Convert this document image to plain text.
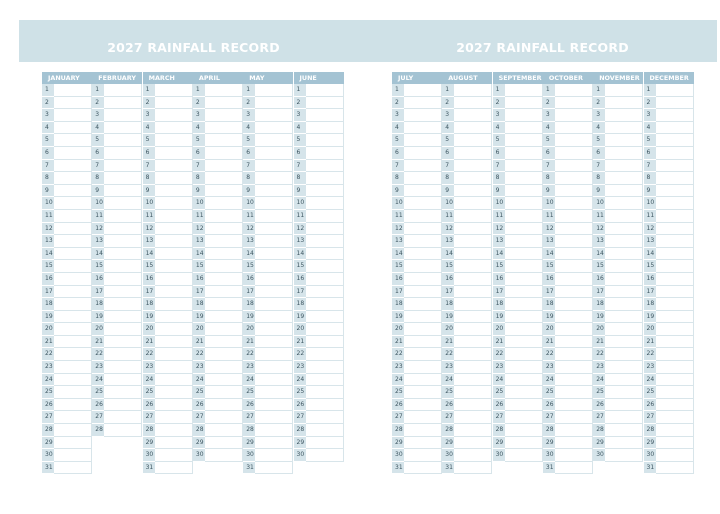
2027 RAINFALL RECORD	2027 RAINFALL RECORD
JANUARY
1
2
3
4
5
6
7
8
9
10
11
12
13
14
15
16
17
18
19
20
21
22
23
24
25
26
27
28
29
30
31
FEBRUARY
1
2
3
4
5
6
7
8
9
10
11
12
13
14
15
16
17
18
19
20
21
22
23
24
25
26
27
28
MARCH
1
2
3
4
5
6
7
8
9
10
11
12
13
14
15
16
17
18
19
20
21
22
23
24
25
26
27
28
29
30
31
APRIL
1
2
3
4
5
6
7
8
9
10
11
12
13
14
15
16
17
18
19
20
21
22
23
24
25
26
27
28
29
30
MAY
1
2
3
4
5
6
7
8
9
10
11
12
13
14
15
16
17
18
19
20
21
22
23
24
25
26
27
28
29
30
31
JUNE
1
2
3
4
5
6
7
8
9
10
11
12
13
14
15
16
17
18
19
20
21
22
23
24
25
26
27
28
29
30
JULY
1
2
3
4
5
6
7
8
9
10
11
12
13
14
15
16
17
18
19
20
21
22
23
24
25
26
27
28
29
30
31
AUGUST
1
2
3
4
5
6
7
8
9
10
11
12
13
14
15
16
17
18
19
20
21
22
23
24
25
26
27
28
29
30
31
SEPTEMBER
1
2
3
4
5
6
7
8
9
10
11
12
13
14
15
16
17
18
19
20
21
22
23
24
25
26
27
28
29
30
OCTOBER
1
2
3
4
5
6
7
8
9
10
11
12
13
14
15
16
17
18
19
20
21
22
23
24
25
26
27
28
29
30
31
NOVEMBER
1
2
3
4
5
6
7
8
9
10
11
12
13
14
15
16
17
18
19
20
21
22
23
24
25
26
27
28
29
30
DECEMBER
1
2
3
4
5
6
7
8
9
10
11
12
13
14
15
16
17
18
19
20
21
22
23
24
25
26
27
28
29
30
31
